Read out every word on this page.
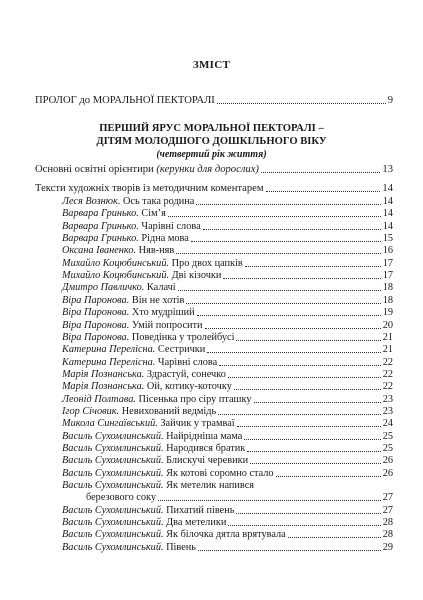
ЗМІСТ
ПРОЛОГ до МОРАЛЬНОЇ ПЕКТОРАЛІ	9
ПЕРШИЙ ЯРУС МОРАЛЬНОЇ ПЕКТОРАЛІ –
ДІТЯМ МОЛОДШОГО ДОШКІЛЬНОГО ВІКУ
(четвертий рік життя)
Основні освітні орієнтири (керунки для дорослих)	13
Тексти художніх творів із методичним коментарем	14
Леся Вознюк. Ось така родина	14
Варвара Гринько. Сім’я	14
Варвара Гринько. Чарівні слова	14
Варвара Гринько. Рідна мова	15
Оксана Іваненко. Няв-няв	16
Михайло Коцюбинський. Про двох цапків	17
Михайло Коцюбинський. Дві кізочки	17
Дмитро Павличко. Калачі	18
Віра Паронова. Він не хотів	18
Віра Паронова. Хто мудріший	19
Віра Паронова. Умій попросити	20
Віра Паронова. Поведінка у тролейбусі	21
Катерина Перелісна. Сестрички	21
Катерина Перелісна. Чарівні слова	22
Марія Познанська. Здрастуй, сонечко	22
Марія Познанська. Ой, котику-коточку	22
Леонід Полтава. Пісенька про сіру пташку	23
Ігор Січовик. Невихований ведмідь	23
Микола Сингаївський. Зайчик у трамваї	24
Василь Сухомлинський. Найрідніша мама	25
Василь Сухомлинський. Народився братик	25
Василь Сухомлинський. Блискучі черевики	26
Василь Сухомлинський. Як котові соромно стало	26
Василь Сухомлинський. Як метелик напився
березового соку	27
Василь Сухомлинський. Пихатий півень	27
Василь Сухомлинський. Два метелики	28
Василь Сухомлинський. Як білочка дятла врятувала	28
Василь Сухомлинський. Півень	29
